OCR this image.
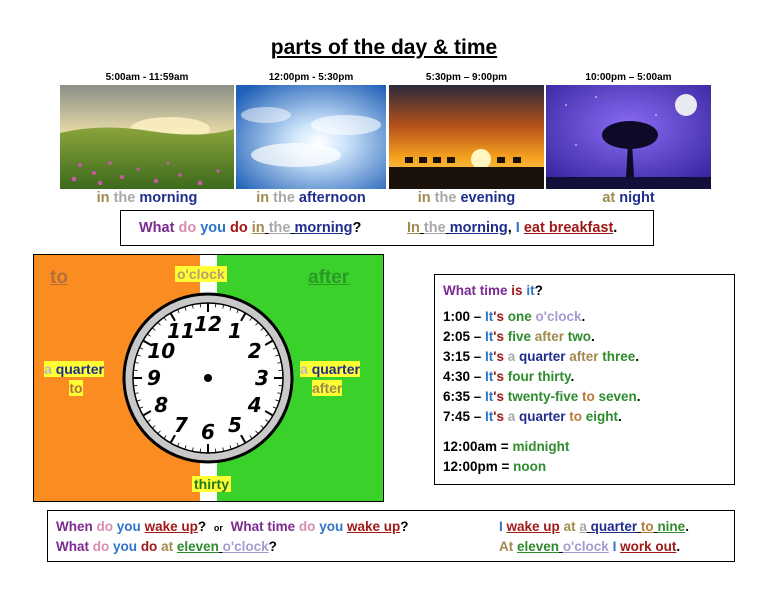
parts of the day & time
5:00am - 11:59am	12:00pm - 5:30pm	5:30pm – 9:00pm	10:00pm – 5:00am
in the morning	in the afternoon	in the evening	at night
What do you do in the morning?	In the morning, I eat breakfast.
to	after
12 1
2
3
4
5
6
7
8
9
10
11
o'clock
thirty
a quarter
to
a quarter
after
What time is it?
1:00 – It's one o'clock.
2:05 – It's five after two.
3:15 – It's a quarter after three.
4:30 – It's four thirty.
6:35 – It's twenty-five to seven.
7:45 – It's a quarter to eight.
12:00am = midnight
12:00pm = noon
When do you wake up? or What time do you wake up?
What do you do at eleven o'clock?
I wake up at a quarter to nine.
At eleven o'clock I work out.
